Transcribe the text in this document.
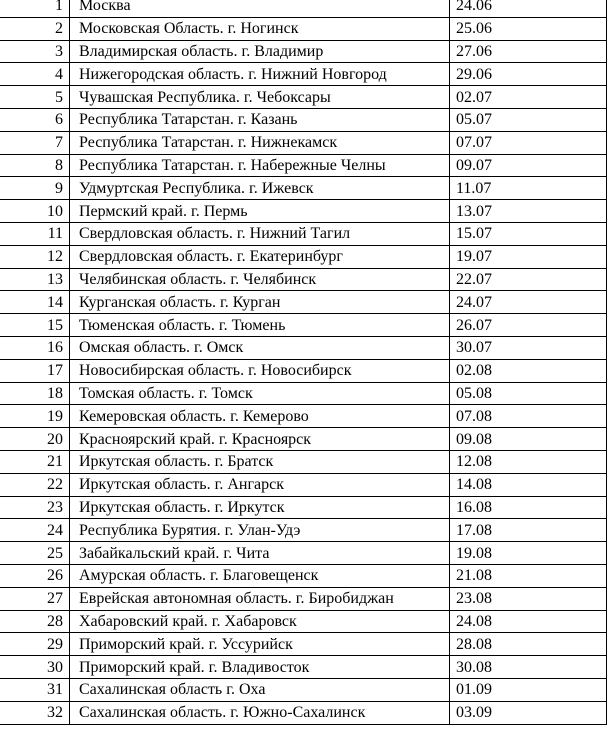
1	Москва	24.06
2	Московская Область. г. Ногинск	25.06
3	Владимирская область. г. Владимир	27.06
4	Нижегородская область. г. Нижний Новгород	29.06
5	Чувашская Республика. г. Чебоксары	02.07
6	Республика Татарстан. г. Казань	05.07
7	Республика Татарстан. г. Нижнекамск	07.07
8	Республика Татарстан. г. Набережные Челны	09.07
9	Удмуртская Республика. г. Ижевск	11.07
10	Пермский край. г. Пермь	13.07
11	Свердловская область. г. Нижний Тагил	15.07
12	Свердловская область. г. Екатеринбург	19.07
13	Челябинская область. г. Челябинск	22.07
14	Курганская область. г. Курган	24.07
15	Тюменская область. г. Тюмень	26.07
16	Омская область. г. Омск	30.07
17	Новосибирская область. г. Новосибирск	02.08
18	Томская область. г. Томск	05.08
19	Кемеровская область. г. Кемерово	07.08
20	Красноярский край. г. Красноярск	09.08
21	Иркутская область. г. Братск	12.08
22	Иркутская область. г. Ангарск	14.08
23	Иркутская область. г. Иркутск	16.08
24	Республика Бурятия. г. Улан-Удэ	17.08
25	Забайкальский край. г. Чита	19.08
26	Амурская область. г. Благовещенск	21.08
27	Еврейская автономная область. г. Биробиджан	23.08
28	Хабаровский край. г. Хабаровск	24.08
29	Приморский край. г. Уссурийск	28.08
30	Приморский край. г. Владивосток	30.08
31	Сахалинская область г. Оха	01.09
32	Сахалинская область. г. Южно-Сахалинск	03.09
